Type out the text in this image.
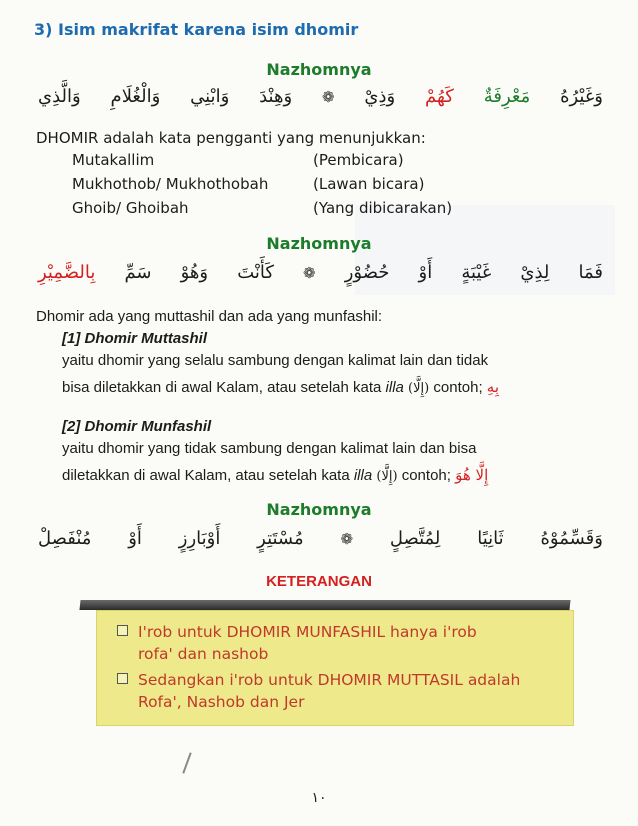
3) Isim makrifat karena isim dhomir
Nazhomnya
وَالَّذِي وَالْغُلَامِ وَابْنِي وَهِنْدَ ❁ وَذِيْ كَهُمْ مَعْرِفَةٌ وَغَيْرُهُ
DHOMIR adalah kata pengganti yang menunjukkan:
Mutakallim	(Pembicara)
Mukhothob/ Mukhothobah	(Lawan bicara)
Ghoib/ Ghoibah	(Yang dibicarakan)
Nazhomnya
بِالضَّمِيْرِ سَمِّ وَهُوْ كَأَنْتَ ❁ حُضُوْرٍ أَوْ غَيْبَةٍ لِذِيْ فَمَا
Dhomir ada yang muttashil dan ada yang munfashil:
[1] Dhomir Muttashil
yaitu dhomir yang selalu sambung dengan kalimat lain dan tidak
bisa diletakkan di awal Kalam, atau setelah kata illa (إِلَّا) contoh; بِهِ
[2] Dhomir Munfashil
yaitu dhomir yang tidak sambung dengan kalimat lain dan bisa
diletakkan di awal Kalam, atau setelah kata illa (إِلَّا) contoh; إِلَّا هُوَ
Nazhomnya
مُنْفَصِلْ أَوْ أَوْبَارِزٍ مُسْتَتِرٍ ❁ لِمُتَّصِلٍ ثَانِيًا وَقَسِّمُوْهُ
KETERANGAN
I'rob untuk DHOMIR MUNFASHIL hanya i'rob
rofa' dan nashob
Sedangkan i'rob untuk DHOMIR MUTTASIL adalah
Rofa', Nashob dan Jer
١٠
